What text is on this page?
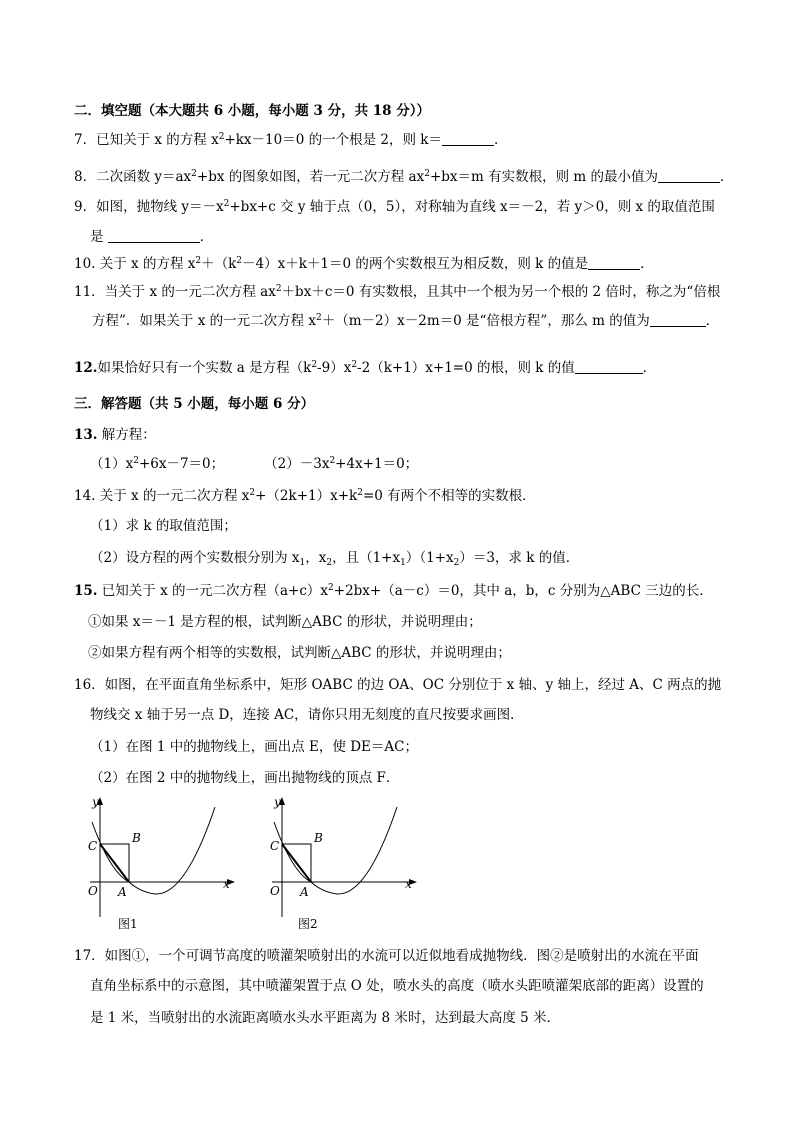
二．填空题（本大题共 6 小题，每小题 3 分，共 18 分））
7．已知关于 x 的方程 $x^2+kx-10=0$ 的一个根是 2，则 k＝	．
8．二次函数 $y=ax^2+bx$ 的图象如图，若一元二次方程 $ax^2+bx=m$ 有实数根，则 m 的最小值为	．
9．如图，抛物线 $y=-x^2+bx+c$ 交 y 轴于点（0，5），对称轴为直线 x＝－2，若 y＞0，则 x 的取值范围
是	．
10. 关于 x 的方程 $x^2+(k^2-4)x+k+1=0$ 的两个实数根互为相反数，则 k 的值是	．
11．当关于 x 的一元二次方程 $ax^2+bx+c=0$ 有实数根，且其中一个根为另一个根的 2 倍时，称之为“倍根
方程”．如果关于 x 的一元二次方程 $x^2+(m-2)x-2m=0$ 是“倍根方程”，那么 m 的值为	．
12.如果恰好只有一个实数 a 是方程$(k^2-9)x^2-2(k+1)x+1=0$ 的根，则 k 的值	．
三．解答题（共 5 小题，每小题 6 分）
13. 解方程：
$(1)x^2+6x-7=0$；	$(2)-3x^2+4x+1=0$；
14. 关于 x 的一元二次方程 $x^2+(2k+1)x+k^2=0$ 有两个不相等的实数根．
（1）求 k 的取值范围；
（2）设方程的两个实数根分别为 $x_1$，$x_2$，且$(1+x_1)(1+x_2)=3$，求 k 的值．
15. 已知关于 x 的一元二次方程$(a+c)x^2+2bx+(a-c)=0$，其中 a，b，c 分别为△ABC 三边的长．
①如果 x＝－1 是方程的根，试判断△ABC 的形状，并说明理由；
②如果方程有两个相等的实数根，试判断△ABC 的形状，并说明理由；
16．如图，在平面直角坐标系中，矩形 OABC 的边 OA、OC 分别位于 x 轴、y 轴上，经过 A、C 两点的抛
物线交 x 轴于另一点 D，连接 AC，请你只用无刻度的直尺按要求画图．
（1）在图 1 中的抛物线上，画出点 E，使 DE＝AC；
（2）在图 2 中的抛物线上，画出抛物线的顶点 F．
y
x
O A
B
C
图1
y
x
O A
B
C
图2
17．如图①，一个可调节高度的喷灌架喷射出的水流可以近似地看成抛物线．图②是喷射出的水流在平面
直角坐标系中的示意图，其中喷灌架置于点 O 处，喷水头的高度（喷水头距喷灌架底部的距离）设置的
是 1 米，当喷射出的水流距离喷水头水平距离为 8 米时，达到最大高度 5 米．
